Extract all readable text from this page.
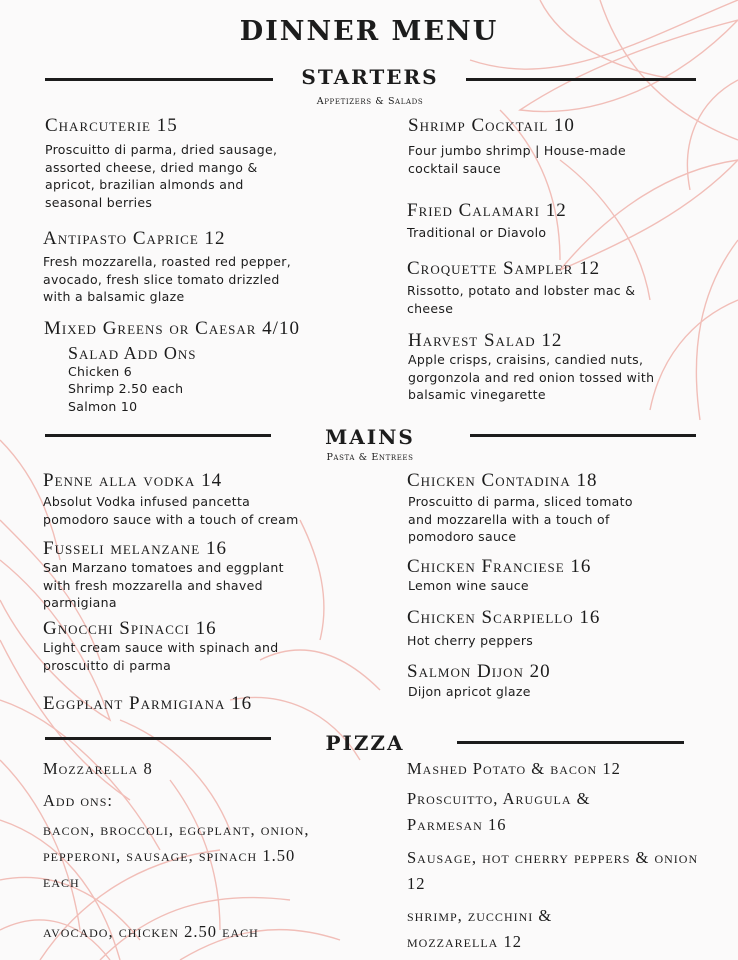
DINNER MENU
STARTERS
Appetizers & Salads
Charcuterie 15
Proscuitto di parma, dried sausage, assorted cheese, dried mango & apricot, brazilian almonds and seasonal berries
Antipasto Caprice 12
Fresh mozzarella, roasted red pepper, avocado, fresh slice tomato drizzled with a balsamic glaze
Mixed Greens or Caesar 4/10
Salad Add Ons
Chicken 6
Shrimp 2.50 each
Salmon 10
Shrimp Cocktail 10
Four jumbo shrimp | House-made cocktail sauce
Fried Calamari 12
Traditional or Diavolo
Croquette Sampler 12
Rissotto, potato and lobster mac & cheese
Harvest Salad 12
Apple crisps, craisins, candied nuts, gorgonzola and red onion tossed with balsamic vinegarette
MAINS
Pasta & Entrees
Penne alla vodka 14
Absolut Vodka infused pancetta pomodoro sauce with a touch of cream
Fusseli melanzane 16
San Marzano tomatoes and eggplant with fresh mozzarella and shaved parmigiana
Gnocchi Spinacci 16
Light cream sauce with spinach and proscuitto di parma
Eggplant Parmigiana 16
Chicken Contadina 18
Proscuitto di parma, sliced tomato and mozzarella with a touch of pomodoro sauce
Chicken Franciese 16
Lemon wine sauce
Chicken Scarpiello 16
Hot cherry peppers
Salmon Dijon 20
Dijon apricot glaze
PIZZA
Mozzarella 8
Add ons:
bacon, broccoli, eggplant, onion, pepperoni, sausage, spinach 1.50 each
avocado, chicken 2.50 each
Mashed Potato & bacon 12
Proscuitto, Arugula & Parmesan 16
Sausage, hot cherry peppers & onion 12
shrimp, zucchini & mozzarella 12
